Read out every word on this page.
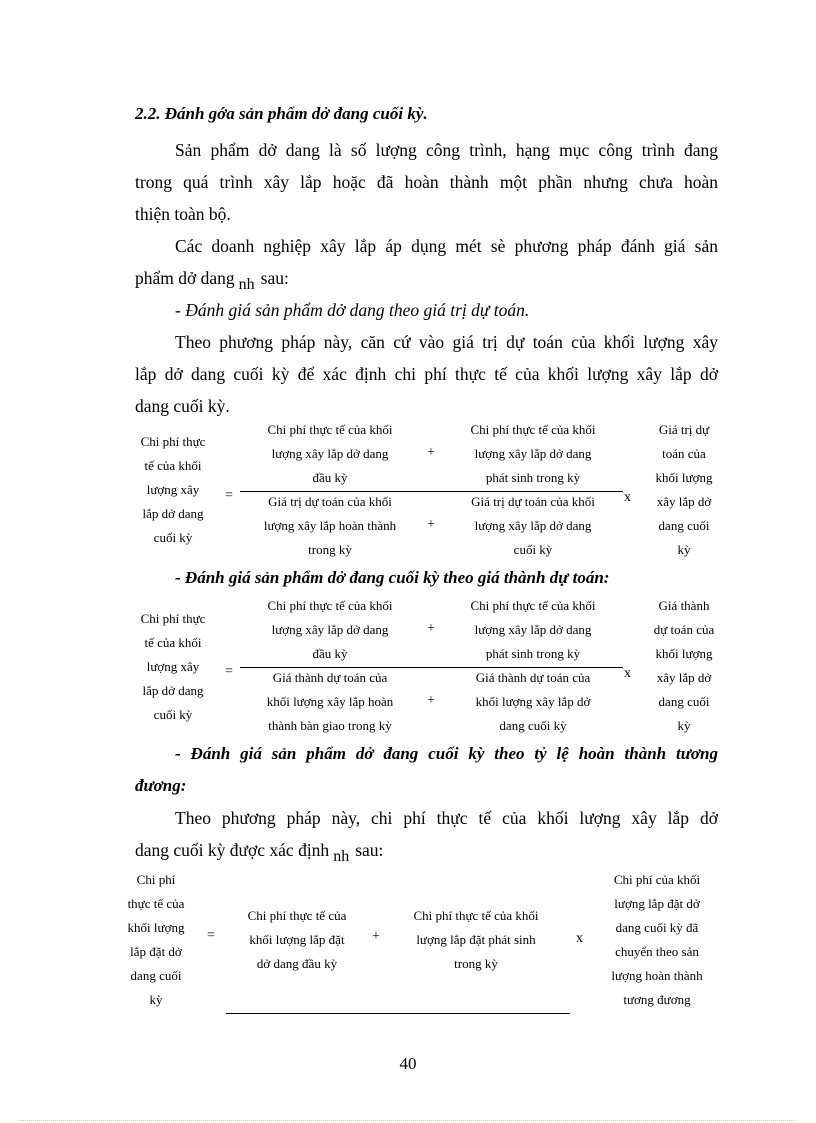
2.2. Đánh gớa sản phẩm dở đang cuối kỳ.
Sản phẩm dở dang là số lượng công trình, hạng mục công trình đang
trong quá trình xây lắp hoặc đã hoàn thành một phần nhưng chưa hoàn
thiện toàn bộ.
Các doanh nghiệp xây lắp áp dụng mét sè phương pháp đánh giá sản
phẩm dở dang nh sau:
- Đánh giá sản phẩm dở dang theo giá trị dự toán.
Theo phương pháp này, căn cứ vào giá trị dự toán của khối lượng xây
lắp dở dang cuối kỳ để xác định chi phí thực tế của khối lượng xây lắp dở
dang cuối kỳ.
Chi phí thực
tế của khối
lượng xây
lắp dở dang
cuối kỳ
=
Chi phí thực tế của khối
lượng xây lắp dở dang
đầu kỳ
+
Chi phí thực tế của khối
lượng xây lắp dở dang
phát sinh trong kỳ
Giá trị dự toán của khối
lượng xây lắp hoàn thành
trong kỳ
+
Giá trị dự toán của khối
lượng xây lắp dở dang
cuối kỳ
x
Giá trị dự
toán của
khối lượng
xây lắp dở
dang cuối
kỳ
- Đánh giá sản phẩm dở đang cuối kỳ theo giá thành dự toán:
Chi phí thực
tế của khối
lượng xây
lắp dở dang
cuối kỳ
=
Chi phí thực tế của khối
lượng xây lắp dở dang
đầu kỳ
+
Chi phí thực tế của khối
lượng xây lắp dở dang
phát sinh trong kỳ
Giá thành dự toán của
khối lượng xây lắp hoàn
thành bàn giao trong kỳ
+
Giá thành dự toán của
khối lượng xây lắp dở
dang cuối kỳ
x
Giá thành
dự toán của
khối lượng
xây lắp dở
dang cuối
kỳ
- Đánh giá sản phẩm dở đang cuối kỳ theo tỷ lệ hoàn thành tương
đương:
Theo phương pháp này, chi phí thực tế của khối lượng xây lắp dở
dang cuối kỳ được xác định nh sau:
Chi phí
thực tế của
khối lượng
lắp đặt dở
dang cuối
kỳ
=
Chi phí thực tế của
khối lượng lắp đặt
dở dang đầu kỳ
+
Chi phí thực tế của khối
lượng lắp đặt phát sinh
trong kỳ
x
Chi phí của khối
lượng lắp đặt dở
dang cuối kỳ đã
chuyển theo sản
lượng hoàn thành
tương đương
40
